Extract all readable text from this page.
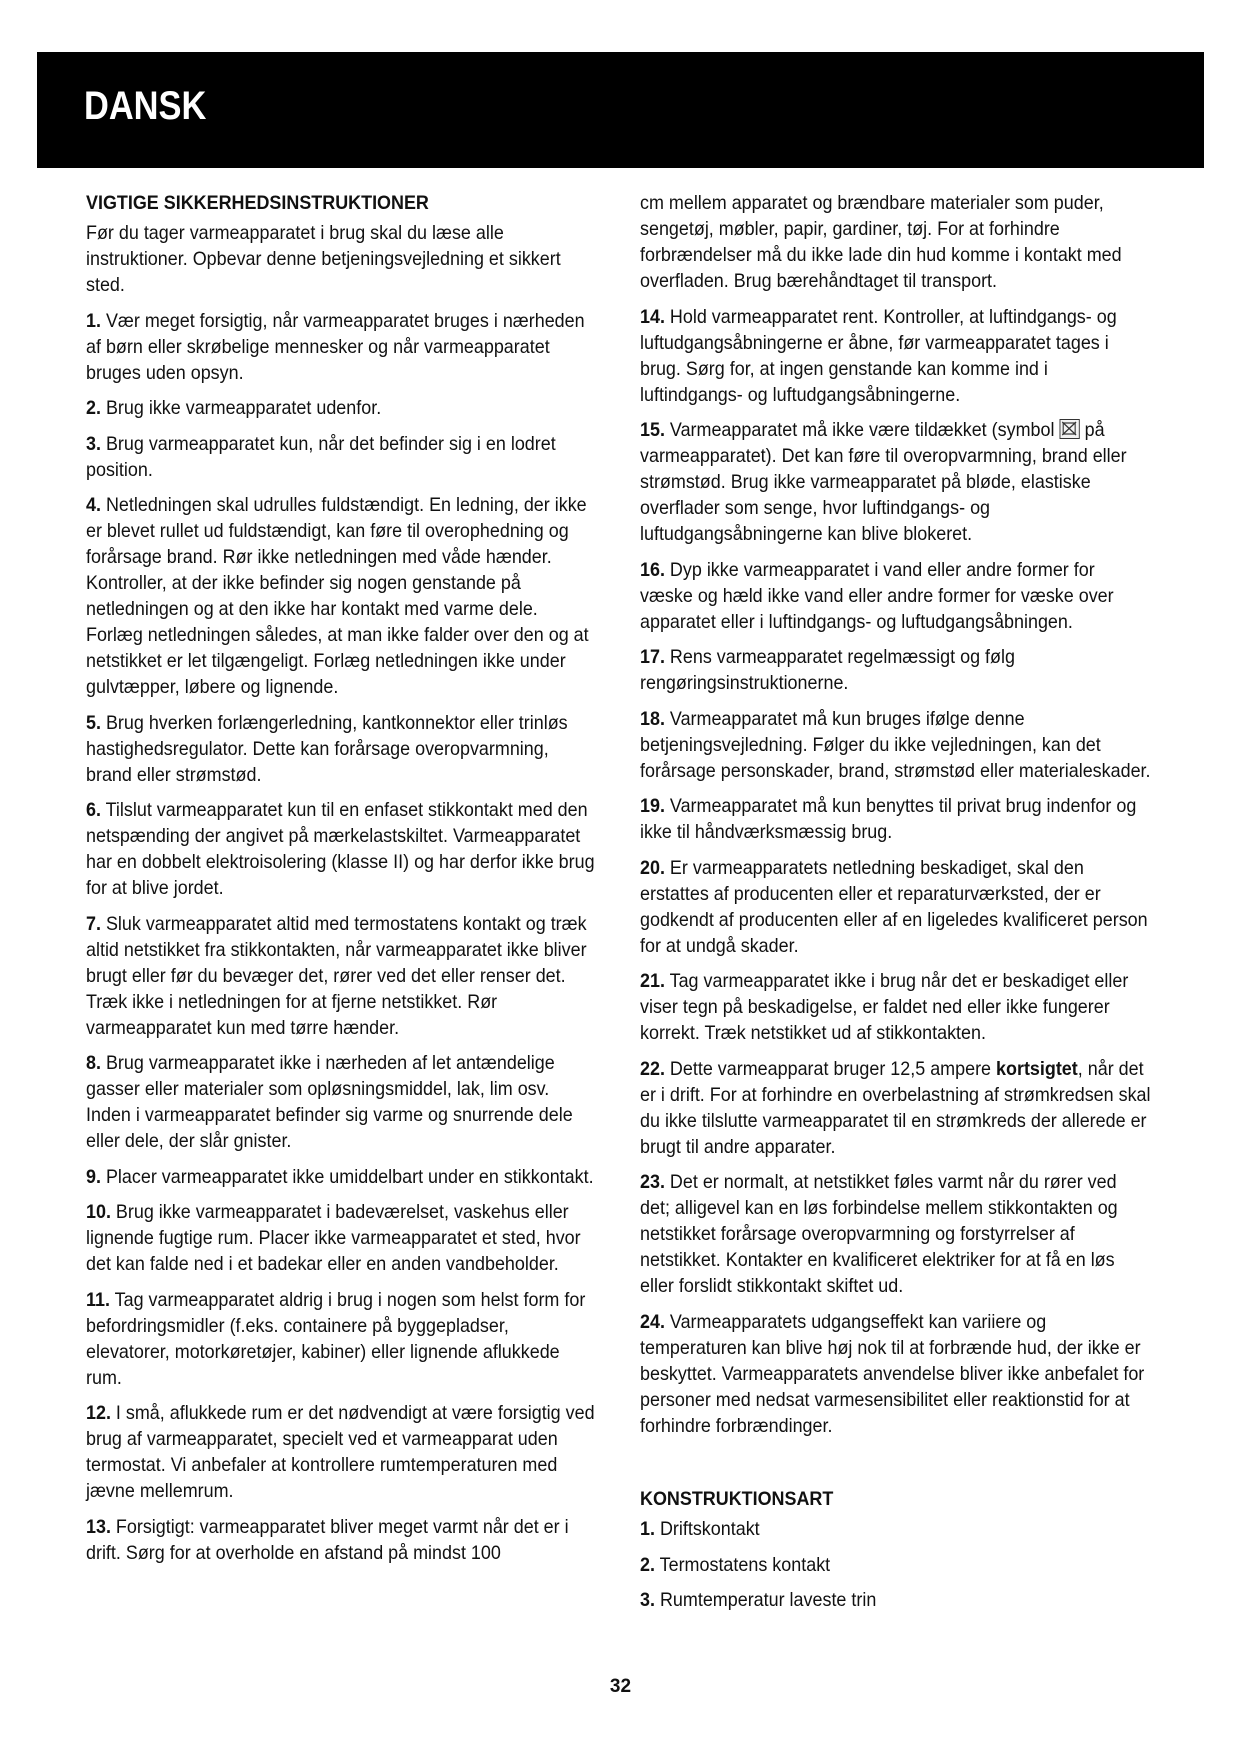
DANSK
VIGTIGE SIKKERHEDSINSTRUKTIONER

Før du tager varmeapparatet i brug skal du læse alle instruktioner. Opbevar denne betjeningsvejledning et sikkert sted.

1. Vær meget forsigtig, når varmeapparatet bruges i nærheden af børn eller skrøbelige mennesker og når varmeapparatet bruges uden opsyn.

2. Brug ikke varmeapparatet udenfor.

3. Brug varmeapparatet kun, når det befinder sig i en lodret position.

4. Netledningen skal udrulles fuldstændigt. En ledning, der ikke er blevet rullet ud fuldstændigt, kan føre til overophedning og forårsage brand. Rør ikke netledningen med våde hænder. Kontroller, at der ikke befinder sig nogen genstande på netledningen og at den ikke har kontakt med varme dele. Forlæg netledningen således, at man ikke falder over den og at netstikket er let tilgængeligt. Forlæg netledningen ikke under gulvtæpper, løbere og lignende.

5. Brug hverken forlængerledning, kantkonnektor eller trinløs hastighedsregulator. Dette kan forårsage overopvarmning, brand eller strømstød.

6. Tilslut varmeapparatet kun til en enfaset stikkontakt med den netspænding der angivet på mærkelastskiltet. Varmeapparatet har en dobbelt elektroisolering (klasse II) og har derfor ikke brug for at blive jordet.

7. Sluk varmeapparatet altid med termostatens kontakt og træk altid netstikket fra stikkontakten, når varmeapparatet ikke bliver brugt eller før du bevæger det, rører ved det eller renser det. Træk ikke i netledningen for at fjerne netstikket. Rør varmeapparatet kun med tørre hænder.

8. Brug varmeapparatet ikke i nærheden af let antændelige gasser eller materialer som opløsningsmiddel, lak, lim osv. Inden i varmeapparatet befinder sig varme og snurrende dele eller dele, der slår gnister.

9. Placer varmeapparatet ikke umiddelbart under en stikkontakt.

10. Brug ikke varmeapparatet i badeværelset, vaskehus eller lignende fugtige rum. Placer ikke varmeapparatet et sted, hvor det kan falde ned i et badekar eller en anden vandbeholder.

11. Tag varmeapparatet aldrig i brug i nogen som helst form for befordringsmidler (f.eks. containere på byggepladser, elevatorer, motorkøretøjer, kabiner) eller lignende aflukkede rum.

12. I små, aflukkede rum er det nødvendigt at være forsigtig ved brug af varmeapparatet, specielt ved et varmeapparat uden termostat. Vi anbefaler at kontrollere rumtemperaturen med jævne mellemrum.

13. Forsigtigt: varmeapparatet bliver meget varmt når det er i drift. Sørg for at overholde en afstand på mindst 100

cm mellem apparatet og brændbare materialer som puder, sengetøj, møbler, papir, gardiner, tøj. For at forhindre forbrændelser må du ikke lade din hud komme i kontakt med overfladen. Brug bærehåndtaget til transport.

14. Hold varmeapparatet rent. Kontroller, at luftindgangs- og luftudgangsåbningerne er åbne, før varmeapparatet tages i brug. Sørg for, at ingen genstande kan komme ind i luftindgangs- og luftudgangsåbningerne.

15. Varmeapparatet må ikke være tildækket (symbol på varmeapparatet). Det kan føre til overopvarmning, brand eller strømstød. Brug ikke varmeapparatet på bløde, elastiske overflader som senge, hvor luftindgangs- og luftudgangsåbningerne kan blive blokeret.

16. Dyp ikke varmeapparatet i vand eller andre former for væske og hæld ikke vand eller andre former for væske over apparatet eller i luftindgangs- og luftudgangsåbningen.

17. Rens varmeapparatet regelmæssigt og følg rengøringsinstruktionerne.

18. Varmeapparatet må kun bruges ifølge denne betjeningsvejledning. Følger du ikke vejledningen, kan det forårsage personskader, brand, strømstød eller materialeskader.

19. Varmeapparatet må kun benyttes til privat brug indenfor og ikke til håndværksmæssig brug.

20. Er varmeapparatets netledning beskadiget, skal den erstattes af producenten eller et reparaturværksted, der er godkendt af producenten eller af en ligeledes kvalificeret person for at undgå skader.

21. Tag varmeapparatet ikke i brug når det er beskadiget eller viser tegn på beskadigelse, er faldet ned eller ikke fungerer korrekt. Træk netstikket ud af stikkontakten.

22. Dette varmeapparat bruger 12,5 ampere kortsigtet, når det er i drift. For at forhindre en overbelastning af strømkredsen skal du ikke tilslutte varmeapparatet til en strømkreds der allerede er brugt til andre apparater.

23. Det er normalt, at netstikket føles varmt når du rører ved det; alligevel kan en løs forbindelse mellem stikkontakten og netstikket forårsage overopvarmning og forstyrrelser af netstikket. Kontakter en kvalificeret elektriker for at få en løs eller forslidt stikkontakt skiftet ud.

24. Varmeapparatets udgangseffekt kan variiere og temperaturen kan blive høj nok til at forbrænde hud, der ikke er beskyttet. Varmeapparatets anvendelse bliver ikke anbefalet for personer med nedsat varmesensibilitet eller reaktionstid for at forhindre forbrændinger.

KONSTRUKTIONSART

1. Driftskontakt

2. Termostatens kontakt

3. Rumtemperatur laveste trin

32
